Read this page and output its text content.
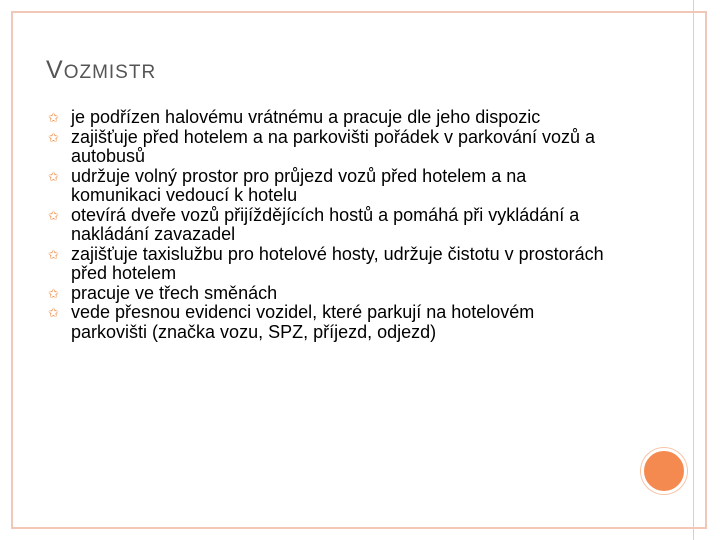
VOZMISTR
✩ je podřízen halovému vrátnému a pracuje dle jeho dispozic
✩ zajišťuje před hotelem a na parkovišti pořádek v parkování vozů a autobusů
✩ udržuje volný prostor pro průjezd vozů před hotelem a na komunikaci vedoucí k hotelu
✩ otevírá dveře vozů přijíždějících hostů a pomáhá při vykládání a nakládání zavazadel
✩ zajišťuje taxislužbu pro hotelové hosty, udržuje čistotu v prostorách před hotelem
✩ pracuje ve třech směnách
✩ vede přesnou evidenci vozidel, které parkují na hotelovém parkovišti (značka vozu, SPZ, příjezd, odjezd)
